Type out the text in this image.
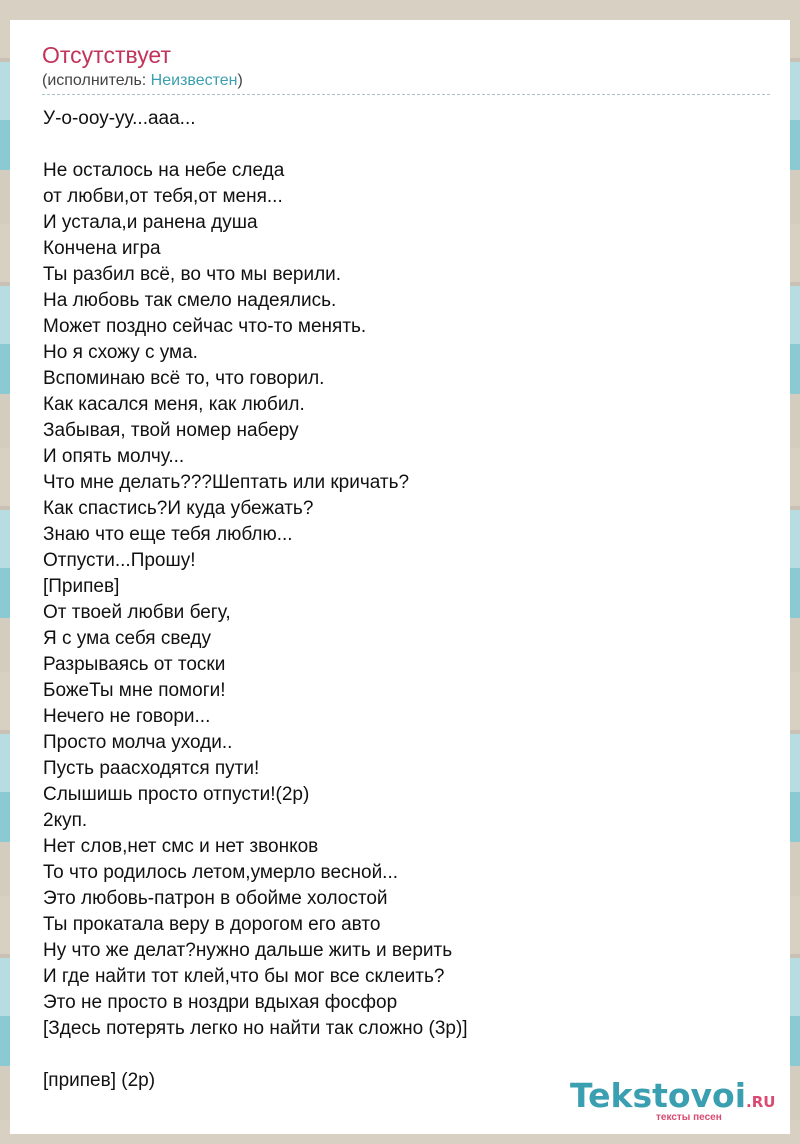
Отсутствует
(исполнитель: Неизвестен)
У-о-ооу-уу...ааа...
Не осталось на небе следа
от любви,от тебя,от меня...
И устала,и ранена душа
Кончена игра
Ты разбил всё, во что мы верили.
На любовь так смело надеялись.
Может поздно сейчас что-то менять.
Но я схожу с ума.
Вспоминаю всё то, что говорил.
Как касался меня, как любил.
Забывая, твой номер наберу
И опять молчу...
Что мне делать???Шептать или кричать?
Как спастись?И куда убежать?
Знаю что еще тебя люблю...
Отпусти...Прошу!
[Припев]
От твоей любви бегу,
Я с ума себя сведу
Разрываясь от тоски
БожеТы мне помоги!
Нечего не говори...
Просто молча уходи..
Пусть раасходятся пути!
Слышишь просто отпусти!(2р)
2куп.
Нет слов,нет смс и нет звонков
То что родилось летом,умерло весной...
Это любовь-патрон в обойме холостой
Ты прокатала веру в дорогом его авто
Ну что же делат?нужно дальше жить и верить
И где найти тот клей,что бы мог все склеить?
Это не просто в ноздри вдыхая фосфор
[Здесь потерять легко но найти так сложно (3р)]
[припев] (2р)	Tekstovoi.RU
тексты песен
